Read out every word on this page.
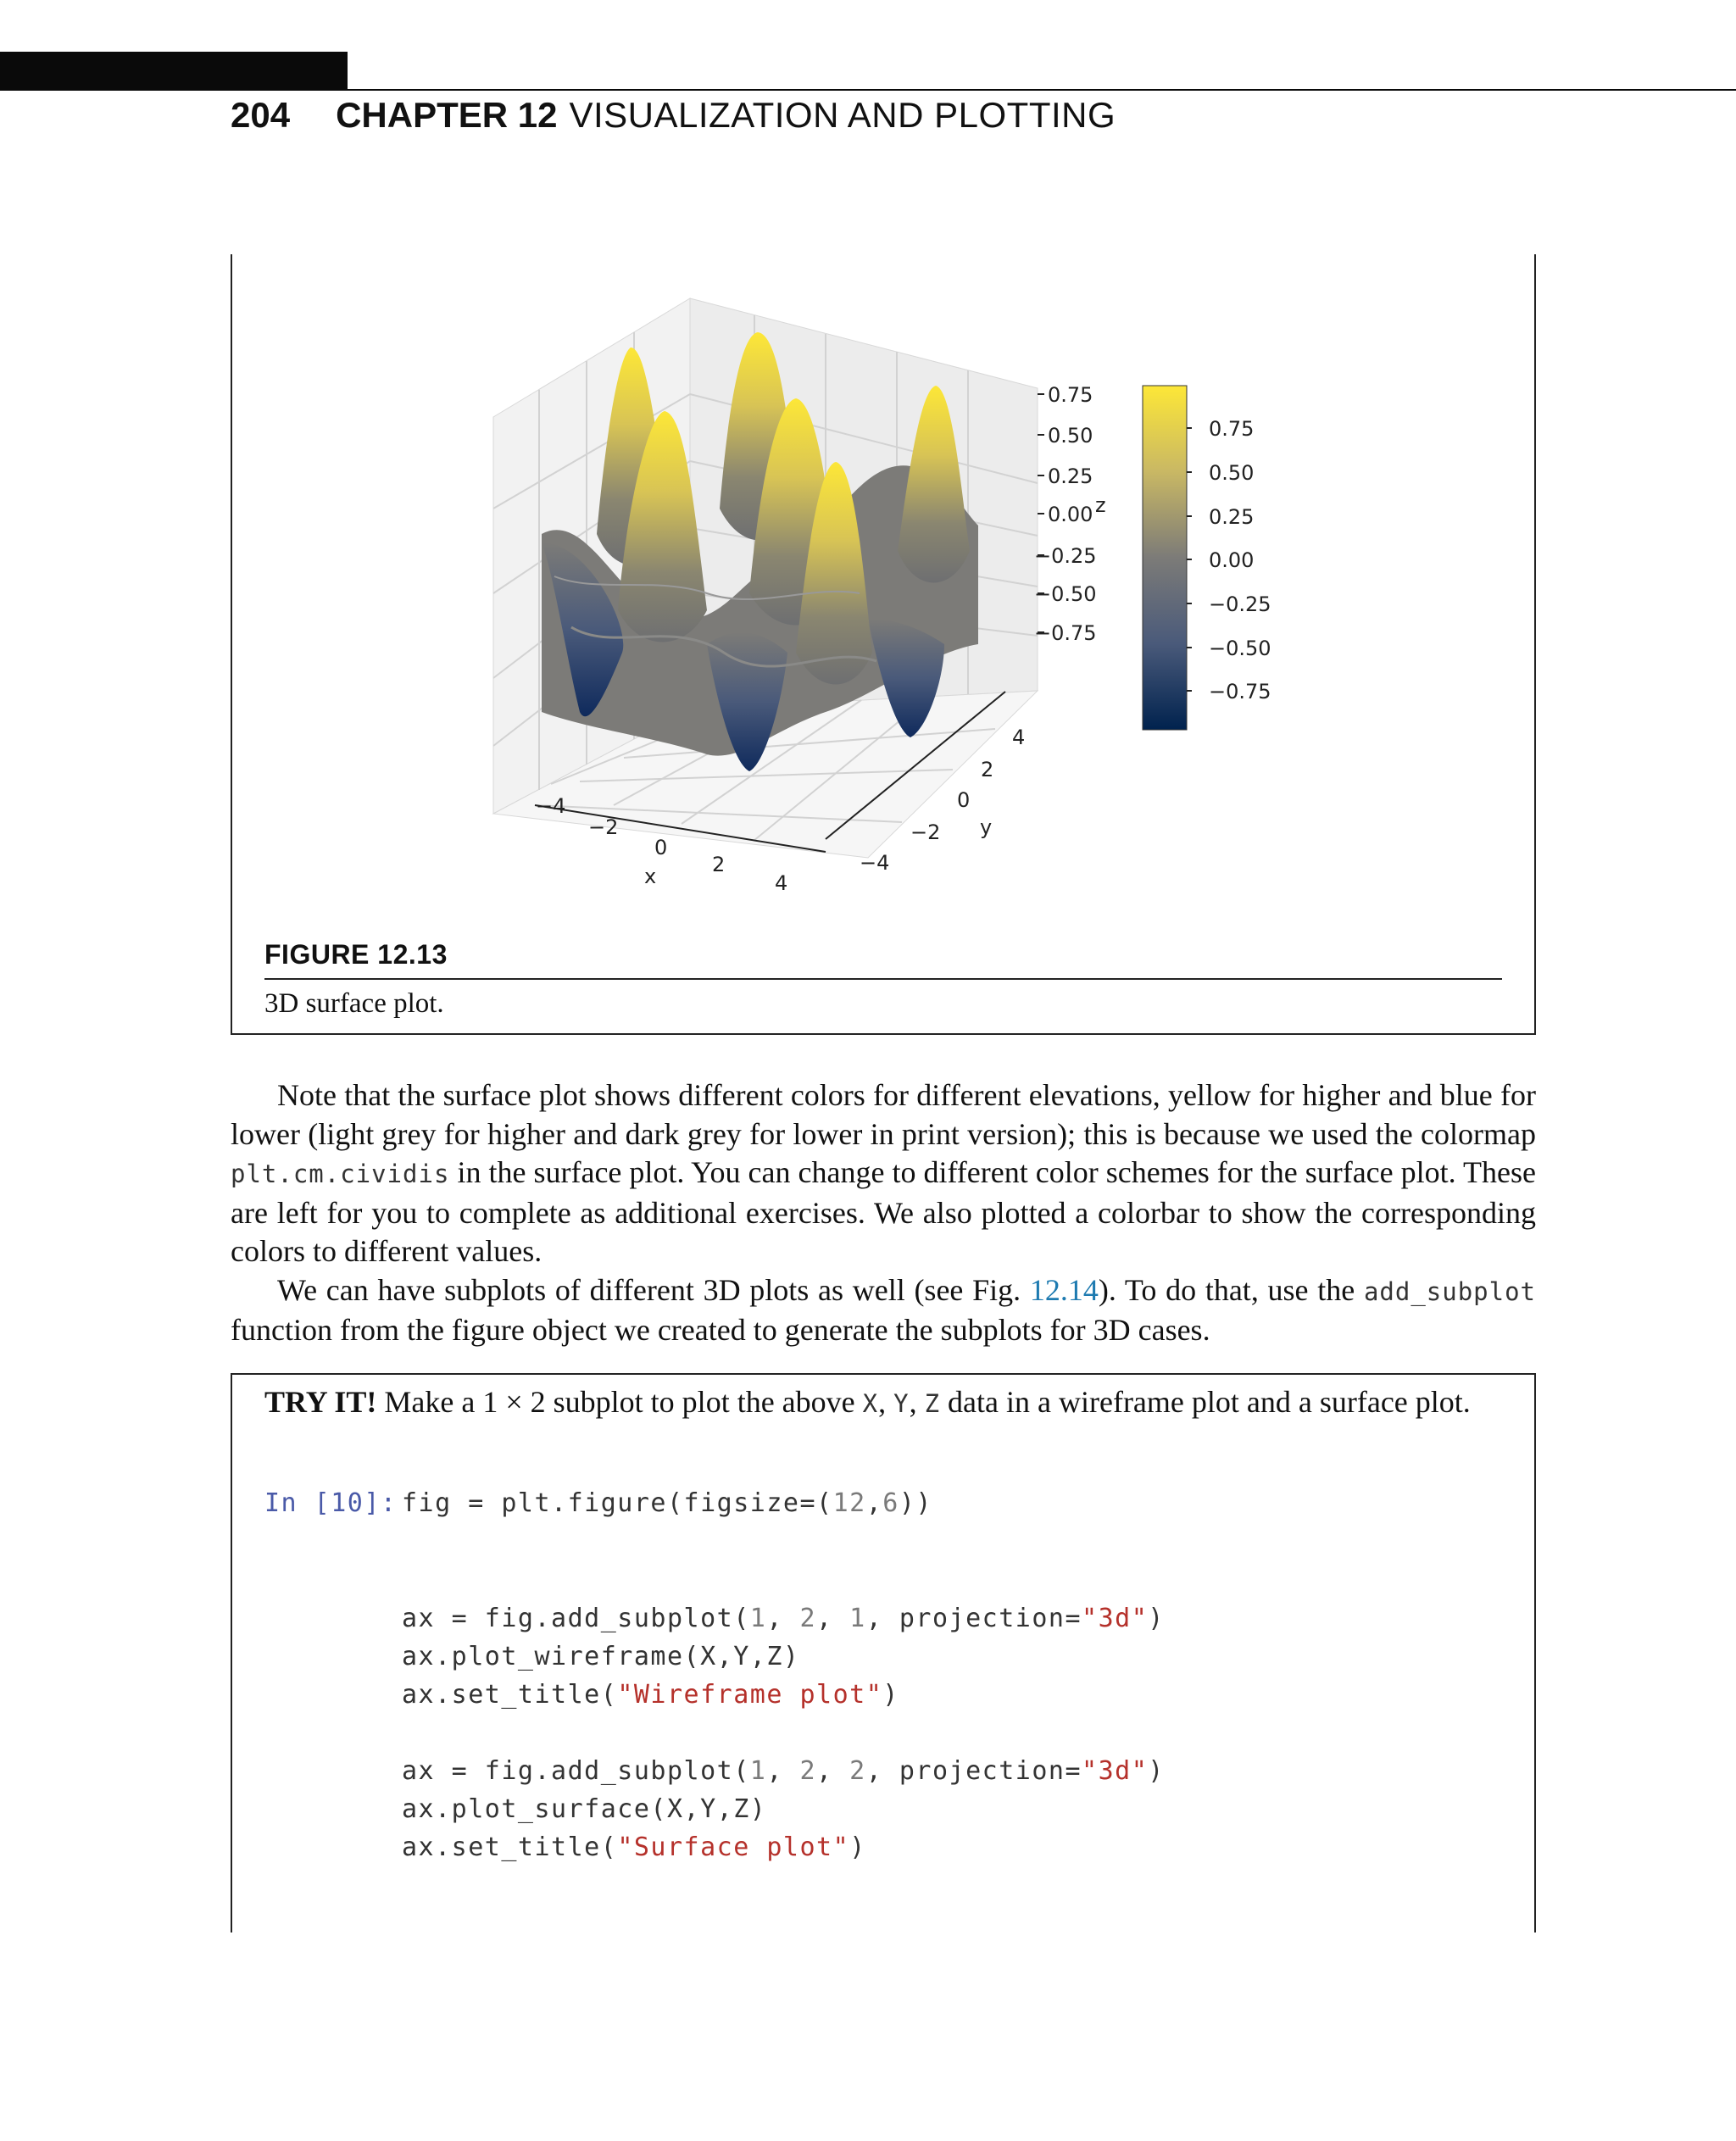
204 CHAPTER 12 VISUALIZATION AND PLOTTING
0.75
0.50
0.25
0.00
−0.25
−0.50
−0.75
z
−4
−2
0
2
4
x
−4
−2
0
2
4
y
0.75
0.50
0.25
0.00
−0.25
−0.50
−0.75
FIGURE 12.13
3D surface plot.

Note that the surface plot shows different colors for different elevations, yellow for higher and blue for lower (light grey for higher and dark grey for lower in print version); this is because we used the colormap plt.cm.cividis in the surface plot. You can change to different color schemes for the surface plot. These are left for you to complete as additional exercises. We also plotted a colorbar to show the corresponding colors to different values.

We can have subplots of different 3D plots as well (see Fig. 12.14). To do that, use the add_subplot function from the figure object we created to generate the subplots for 3D cases.

TRY IT! Make a 1 × 2 subplot to plot the above X, Y, Z data in a wireframe plot and a surface plot.
In [10]: fig = plt.figure(figsize=(12,6))
ax = fig.add_subplot(1, 2, 1, projection="3d")
ax.plot_wireframe(X,Y,Z)
ax.set_title("Wireframe plot")
ax = fig.add_subplot(1, 2, 2, projection="3d")
ax.plot_surface(X,Y,Z)
ax.set_title("Surface plot")
